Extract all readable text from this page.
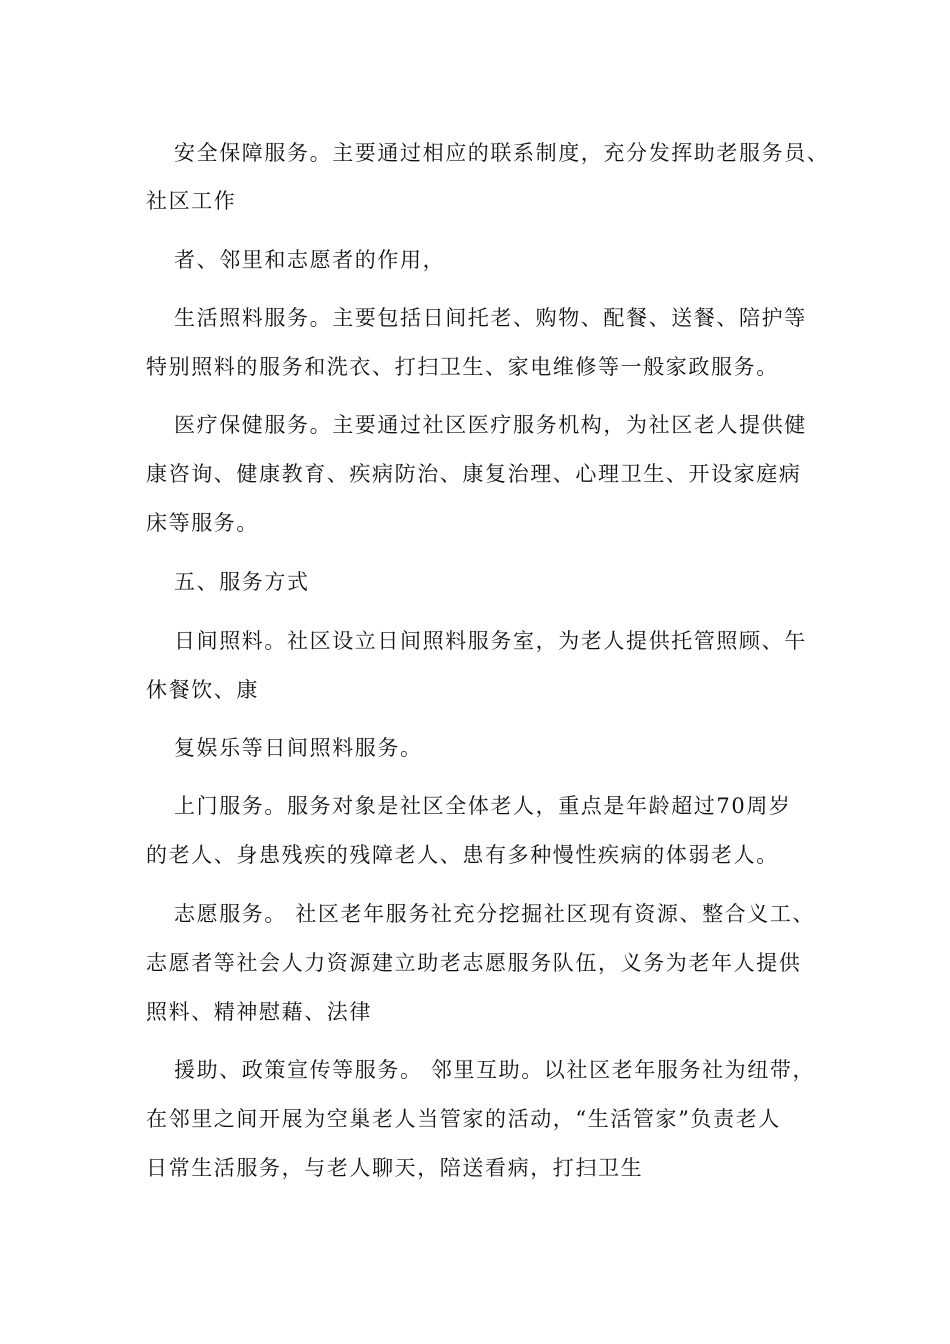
安全保障服务。主要通过相应的联系制度，充分发挥助老服务员、
社区工作
者、邻里和志愿者的作用，
生活照料服务。主要包括日间托老、购物、配餐、送餐、陪护等
特别照料的服务和洗衣、打扫卫生、家电维修等一般家政服务。
医疗保健服务。主要通过社区医疗服务机构，为社区老人提供健
康咨询、健康教育、疾病防治、康复治理、心理卫生、开设家庭病
床等服务。
五、服务方式
日间照料。社区设立日间照料服务室，为老人提供托管照顾、午
休餐饮、康
复娱乐等日间照料服务。
上门服务。服务对象是社区全体老人，重点是年龄超过70周岁
的老人、身患残疾的残障老人、患有多种慢性疾病的体弱老人。
志愿服务。 社区老年服务社充分挖掘社区现有资源、整合义工、
志愿者等社会人力资源建立助老志愿服务队伍，义务为老年人提供
照料、精神慰藉、法律
援助、政策宣传等服务。 邻里互助。以社区老年服务社为纽带，
在邻里之间开展为空巢老人当管家的活动，“生活管家”负责老人
日常生活服务，与老人聊天，陪送看病，打扫卫生
